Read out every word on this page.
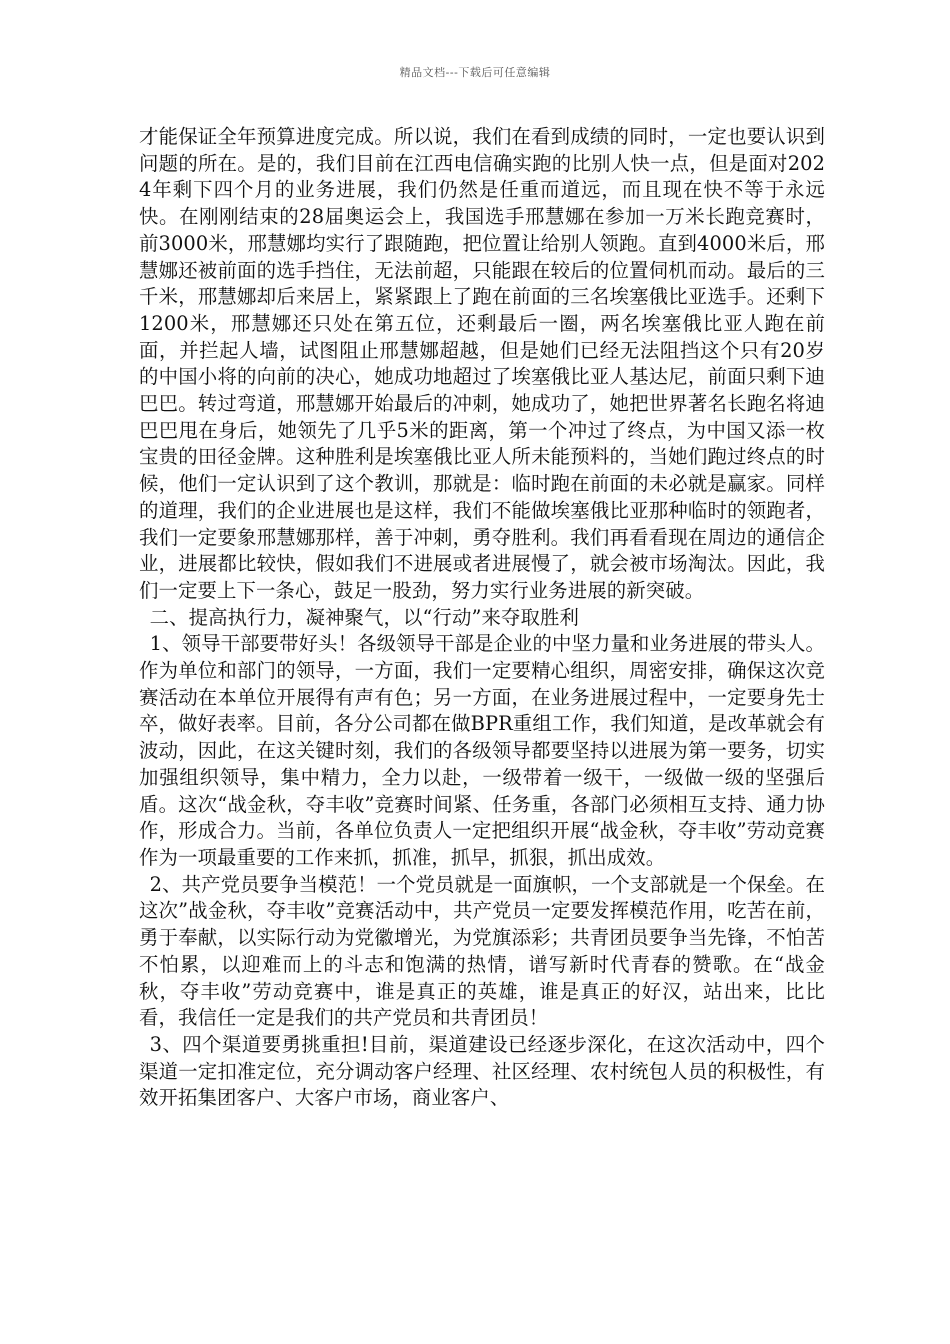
精品文档---下载后可任意编辑

才能保证全年预算进度完成。所以说，我们在看到成绩的同时，一定也要认识到问题的所在。是的，我们目前在江西电信确实跑的比别人快一点，但是面对2024年剩下四个月的业务进展，我们仍然是任重而道远，而且现在快不等于永远快。在刚刚结束的28届奥运会上，我国选手邢慧娜在参加一万米长跑竞赛时，前3000米，邢慧娜均实行了跟随跑，把位置让给别人领跑。直到4000米后，邢慧娜还被前面的选手挡住，无法前超，只能跟在较后的位置伺机而动。最后的三千米，邢慧娜却后来居上，紧紧跟上了跑在前面的三名埃塞俄比亚选手。还剩下1200米，邢慧娜还只处在第五位，还剩最后一圈，两名埃塞俄比亚人跑在前面，并拦起人墙，试图阻止邢慧娜超越，但是她们已经无法阻挡这个只有20岁的中国小将的向前的决心，她成功地超过了埃塞俄比亚人基达尼，前面只剩下迪巴巴。转过弯道，邢慧娜开始最后的冲刺，她成功了，她把世界著名长跑名将迪巴巴甩在身后，她领先了几乎5米的距离，第一个冲过了终点，为中国又添一枚宝贵的田径金牌。这种胜利是埃塞俄比亚人所未能预料的，当她们跑过终点的时候，他们一定认识到了这个教训，那就是：临时跑在前面的未必就是赢家。同样的道理，我们的企业进展也是这样，我们不能做埃塞俄比亚那种临时的领跑者，我们一定要象邢慧娜那样，善于冲刺，勇夺胜利。我们再看看现在周边的通信企业，进展都比较快，假如我们不进展或者进展慢了，就会被市场淘汰。因此，我们一定要上下一条心，鼓足一股劲，努力实行业务进展的新突破。

二、提高执行力，凝神聚气，以“行动”来夺取胜利

1、领导干部要带好头！各级领导干部是企业的中坚力量和业务进展的带头人。作为单位和部门的领导，一方面，我们一定要精心组织，周密安排，确保这次竞赛活动在本单位开展得有声有色；另一方面，在业务进展过程中，一定要身先士卒，做好表率。目前，各分公司都在做BPR重组工作，我们知道，是改革就会有波动，因此，在这关键时刻，我们的各级领导都要坚持以进展为第一要务，切实加强组织领导，集中精力，全力以赴，一级带着一级干，一级做一级的坚强后盾。这次“战金秋，夺丰收”竞赛时间紧、任务重，各部门必须相互支持、通力协作，形成合力。当前，各单位负责人一定把组织开展“战金秋，夺丰收”劳动竞赛作为一项最重要的工作来抓，抓准，抓早，抓狠，抓出成效。

2、共产党员要争当模范！一个党员就是一面旗帜，一个支部就是一个保垒。在这次”战金秋，夺丰收”竞赛活动中，共产党员一定要发挥模范作用，吃苦在前，勇于奉献，以实际行动为党徽增光，为党旗添彩；共青团员要争当先锋，不怕苦不怕累，以迎难而上的斗志和饱满的热情，谱写新时代青春的赞歌。在“战金秋，夺丰收”劳动竞赛中，谁是真正的英雄，谁是真正的好汉，站出来，比比看，我信任一定是我们的共产党员和共青团员！

3、四个渠道要勇挑重担!目前，渠道建设已经逐步深化，在这次活动中，四个渠道一定扣准定位，充分调动客户经理、社区经理、农村统包人员的积极性，有效开拓集团客户、大客户市场，商业客户、
